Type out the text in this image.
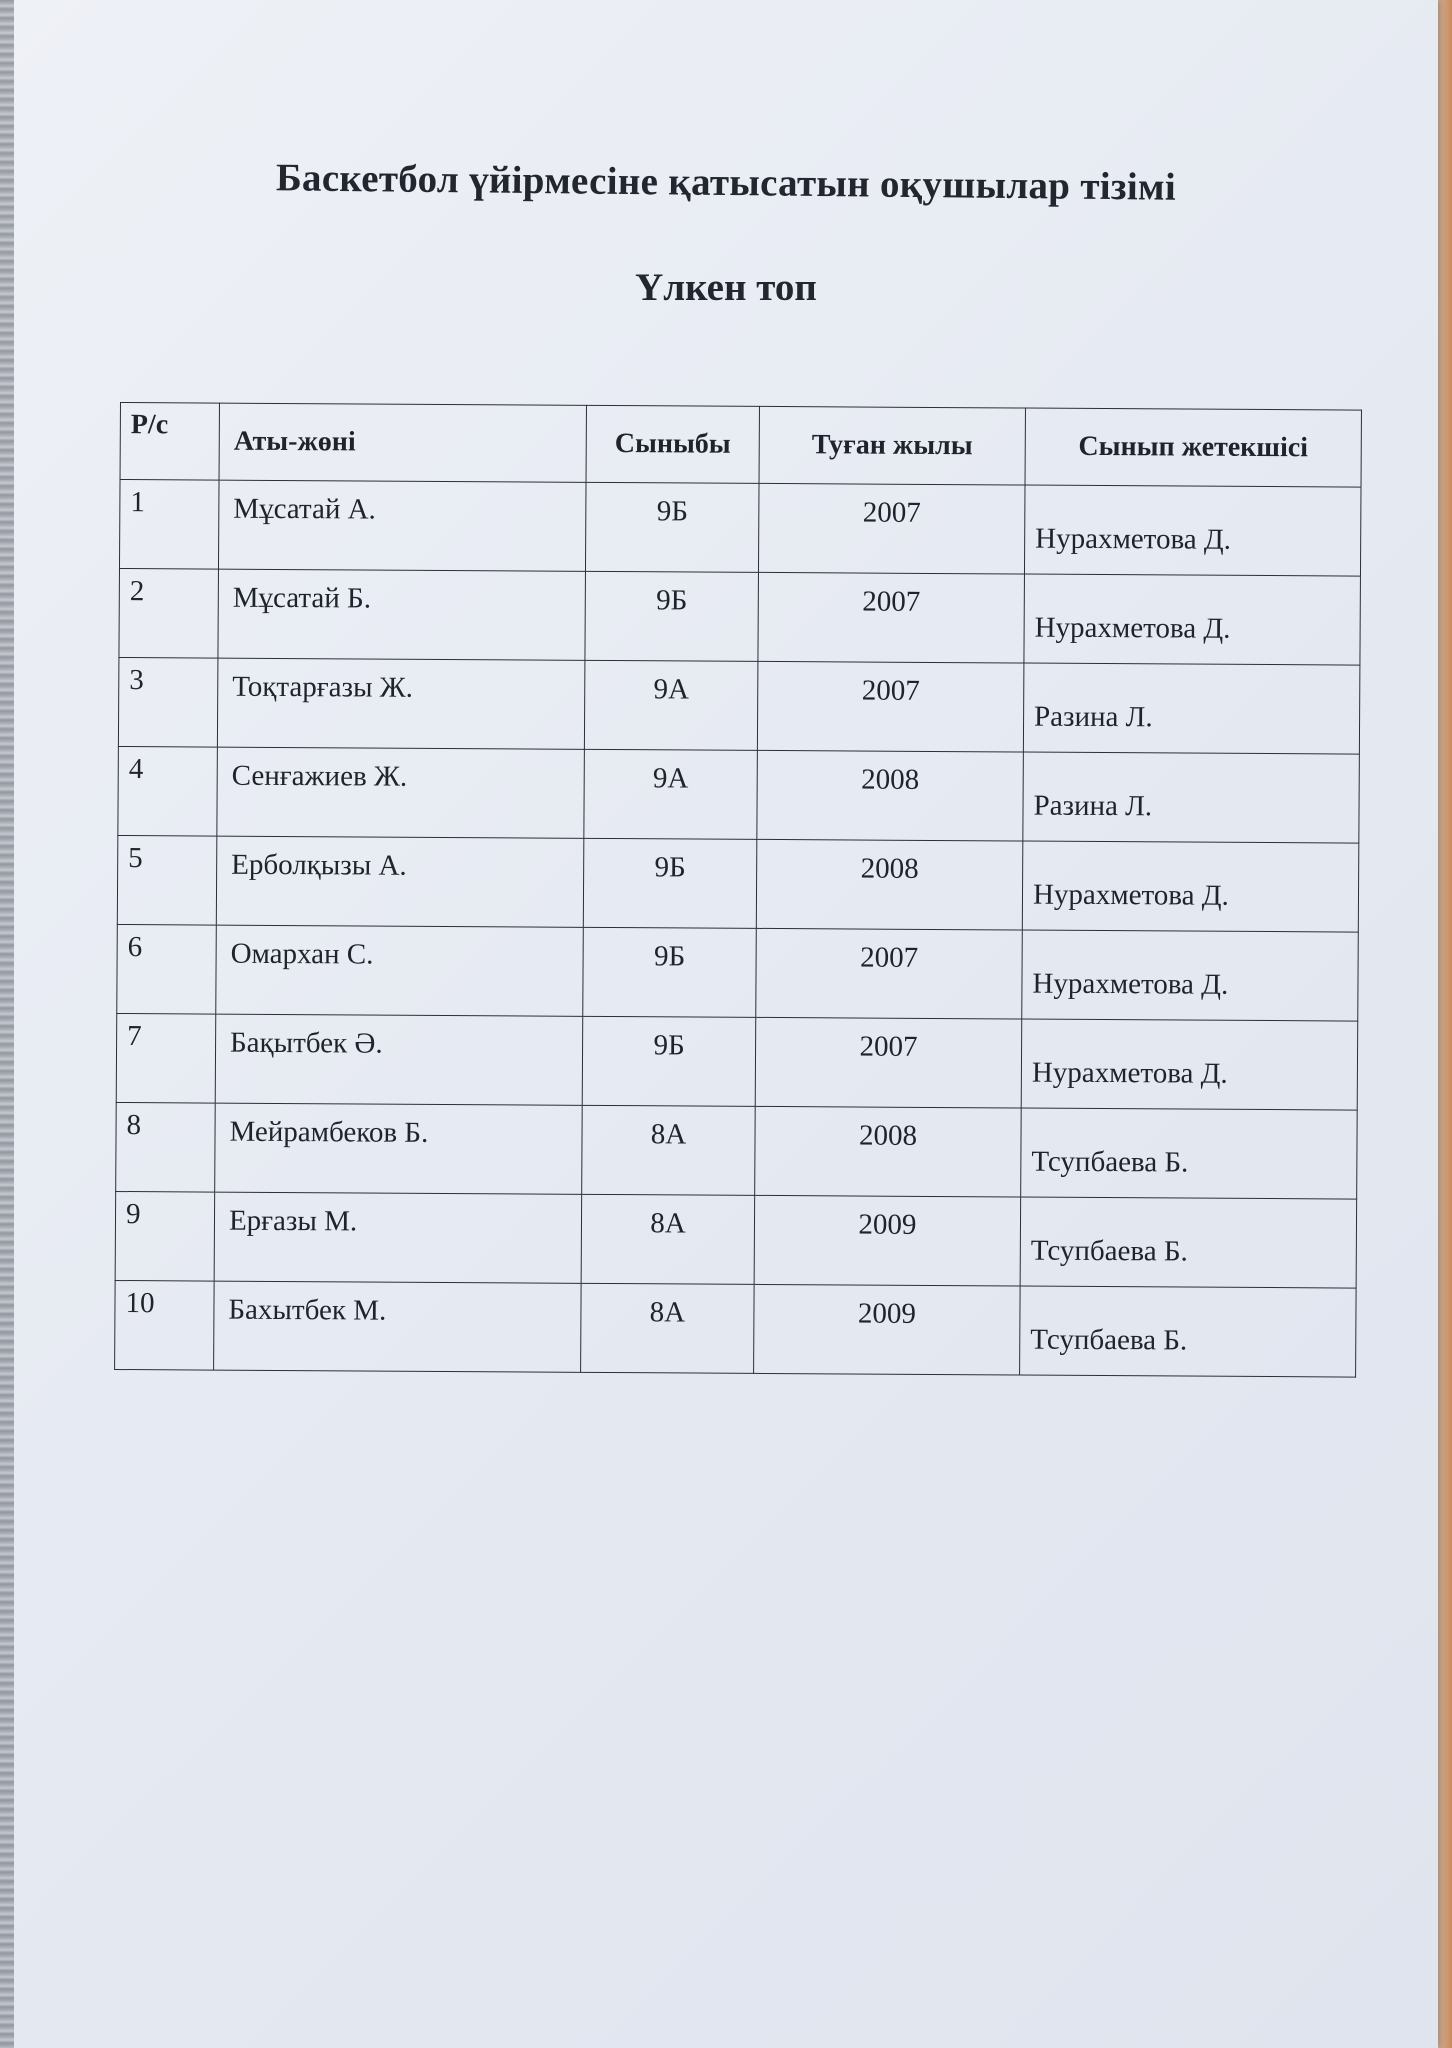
Баскетбол үйірмесіне қатысатын оқушылар тізімі
Үлкен топ
Р/с	Аты-жөні	Сыныбы	Туған жылы	Сынып жетекшісі
1	Мұсатай А.	9Б	2007	Нурахметова Д.
2	Мұсатай Б.	9Б	2007	Нурахметова Д.
3	Тоқтарғазы Ж.	9А	2007	Разина Л.
4	Сенғажиев Ж.	9А	2008	Разина Л.
5	Ерболқызы А.	9Б	2008	Нурахметова Д.
6	Омархан С.	9Б	2007	Нурахметова Д.
7	Бақытбек Ә.	9Б	2007	Нурахметова Д.
8	Мейрамбеков Б.	8А	2008	Тсупбаева Б.
9	Ерғазы М.	8А	2009	Тсупбаева Б.
10	Бахытбек М.	8А	2009	Тсупбаева Б.
